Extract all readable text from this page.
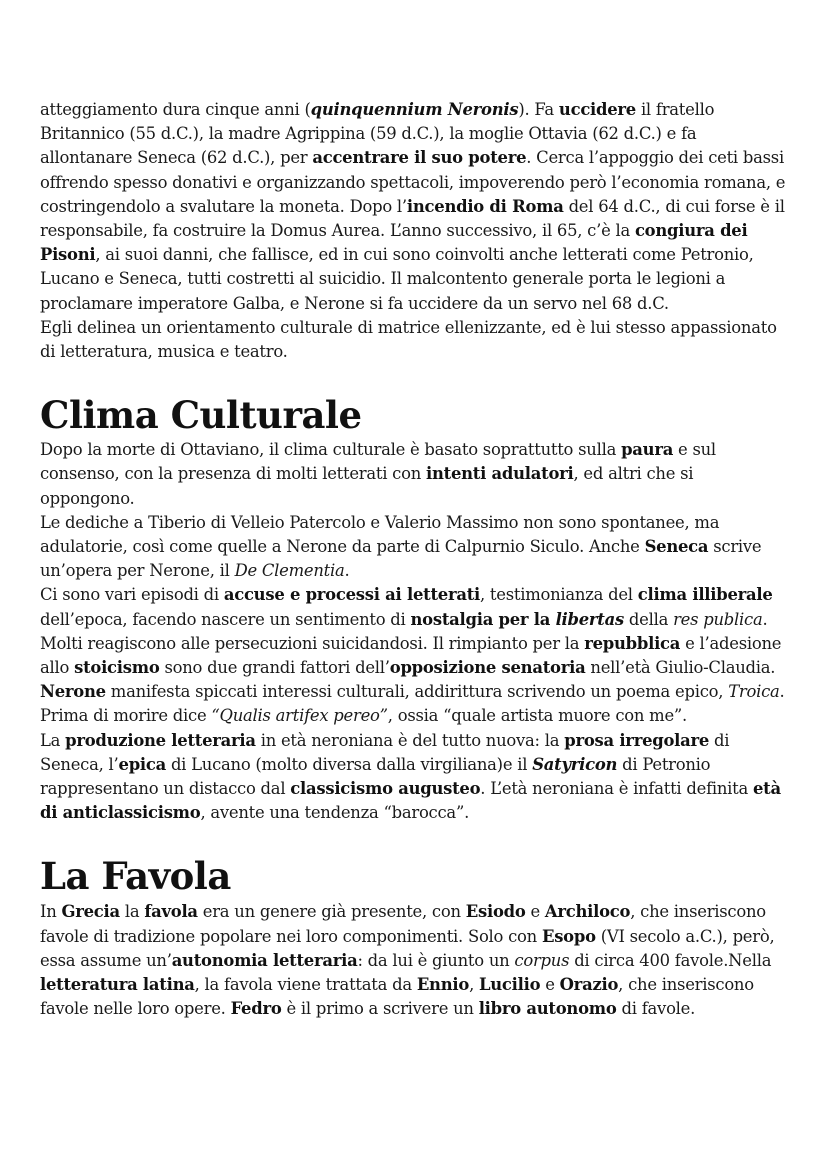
atteggiamento dura cinque anni (quinquennium Neronis). Fa uccidere il fratello Britannico (55 d.C.), la madre Agrippina (59 d.C.), la moglie Ottavia (62 d.C.) e fa allontanare Seneca (62 d.C.), per accentrare il suo potere. Cerca l’appoggio dei ceti bassi offrendo spesso donativi e organizzando spettacoli, impoverendo però l’economia romana, e costringendolo a svalutare la moneta. Dopo l’incendio di Roma del 64 d.C., di cui forse è il responsabile, fa costruire la Domus Aurea. L’anno successivo, il 65, c’è la congiura dei Pisoni, ai suoi danni, che fallisce, ed in cui sono coinvolti anche letterati come Petronio, Lucano e Seneca, tutti costretti al suicidio. Il malcontento generale porta le legioni a proclamare imperatore Galba, e Nerone si fa uccidere da un servo nel 68 d.C.

Egli delinea un orientamento culturale di matrice ellenizzante, ed è lui stesso appassionato di letteratura, musica e teatro.

Clima Culturale

Dopo la morte di Ottaviano, il clima culturale è basato soprattutto sulla paura e sul consenso, con la presenza di molti letterati con intenti adulatori, ed altri che si oppongono.

Le dediche a Tiberio di Velleio Patercolo e Valerio Massimo non sono spontanee, ma adulatorie, così come quelle a Nerone da parte di Calpurnio Siculo. Anche Seneca scrive un’opera per Nerone, il De Clementia.

Ci sono vari episodi di accuse e processi ai letterati, testimonianza del clima illiberale dell’epoca, facendo nascere un sentimento di nostalgia per la libertas della res publica.

Molti reagiscono alle persecuzioni suicidandosi. Il rimpianto per la repubblica e l’adesione allo stoicismo sono due grandi fattori dell’opposizione senatoria nell’età Giulio-Claudia.

Nerone manifesta spiccati interessi culturali, addirittura scrivendo un poema epico, Troica. Prima di morire dice “Qualis artifex pereo”, ossia “quale artista muore con me”.

La produzione letteraria in età neroniana è del tutto nuova: la prosa irregolare di Seneca, l’epica di Lucano (molto diversa dalla virgiliana)e il Satyricon di Petronio rappresentano un distacco dal classicismo augusteo. L’età neroniana è infatti definita età di anticlassicismo, avente una tendenza “barocca”.

La Favola

In Grecia la favola era un genere già presente, con Esiodo e Archiloco, che inseriscono favole di tradizione popolare nei loro componimenti. Solo con Esopo (VI secolo a.C.), però, essa assume un’autonomia letteraria: da lui è giunto un corpus di circa 400 favole.Nella letteratura latina, la favola viene trattata da Ennio, Lucilio e Orazio, che inseriscono favole nelle loro opere. Fedro è il primo a scrivere un libro autonomo di favole.
